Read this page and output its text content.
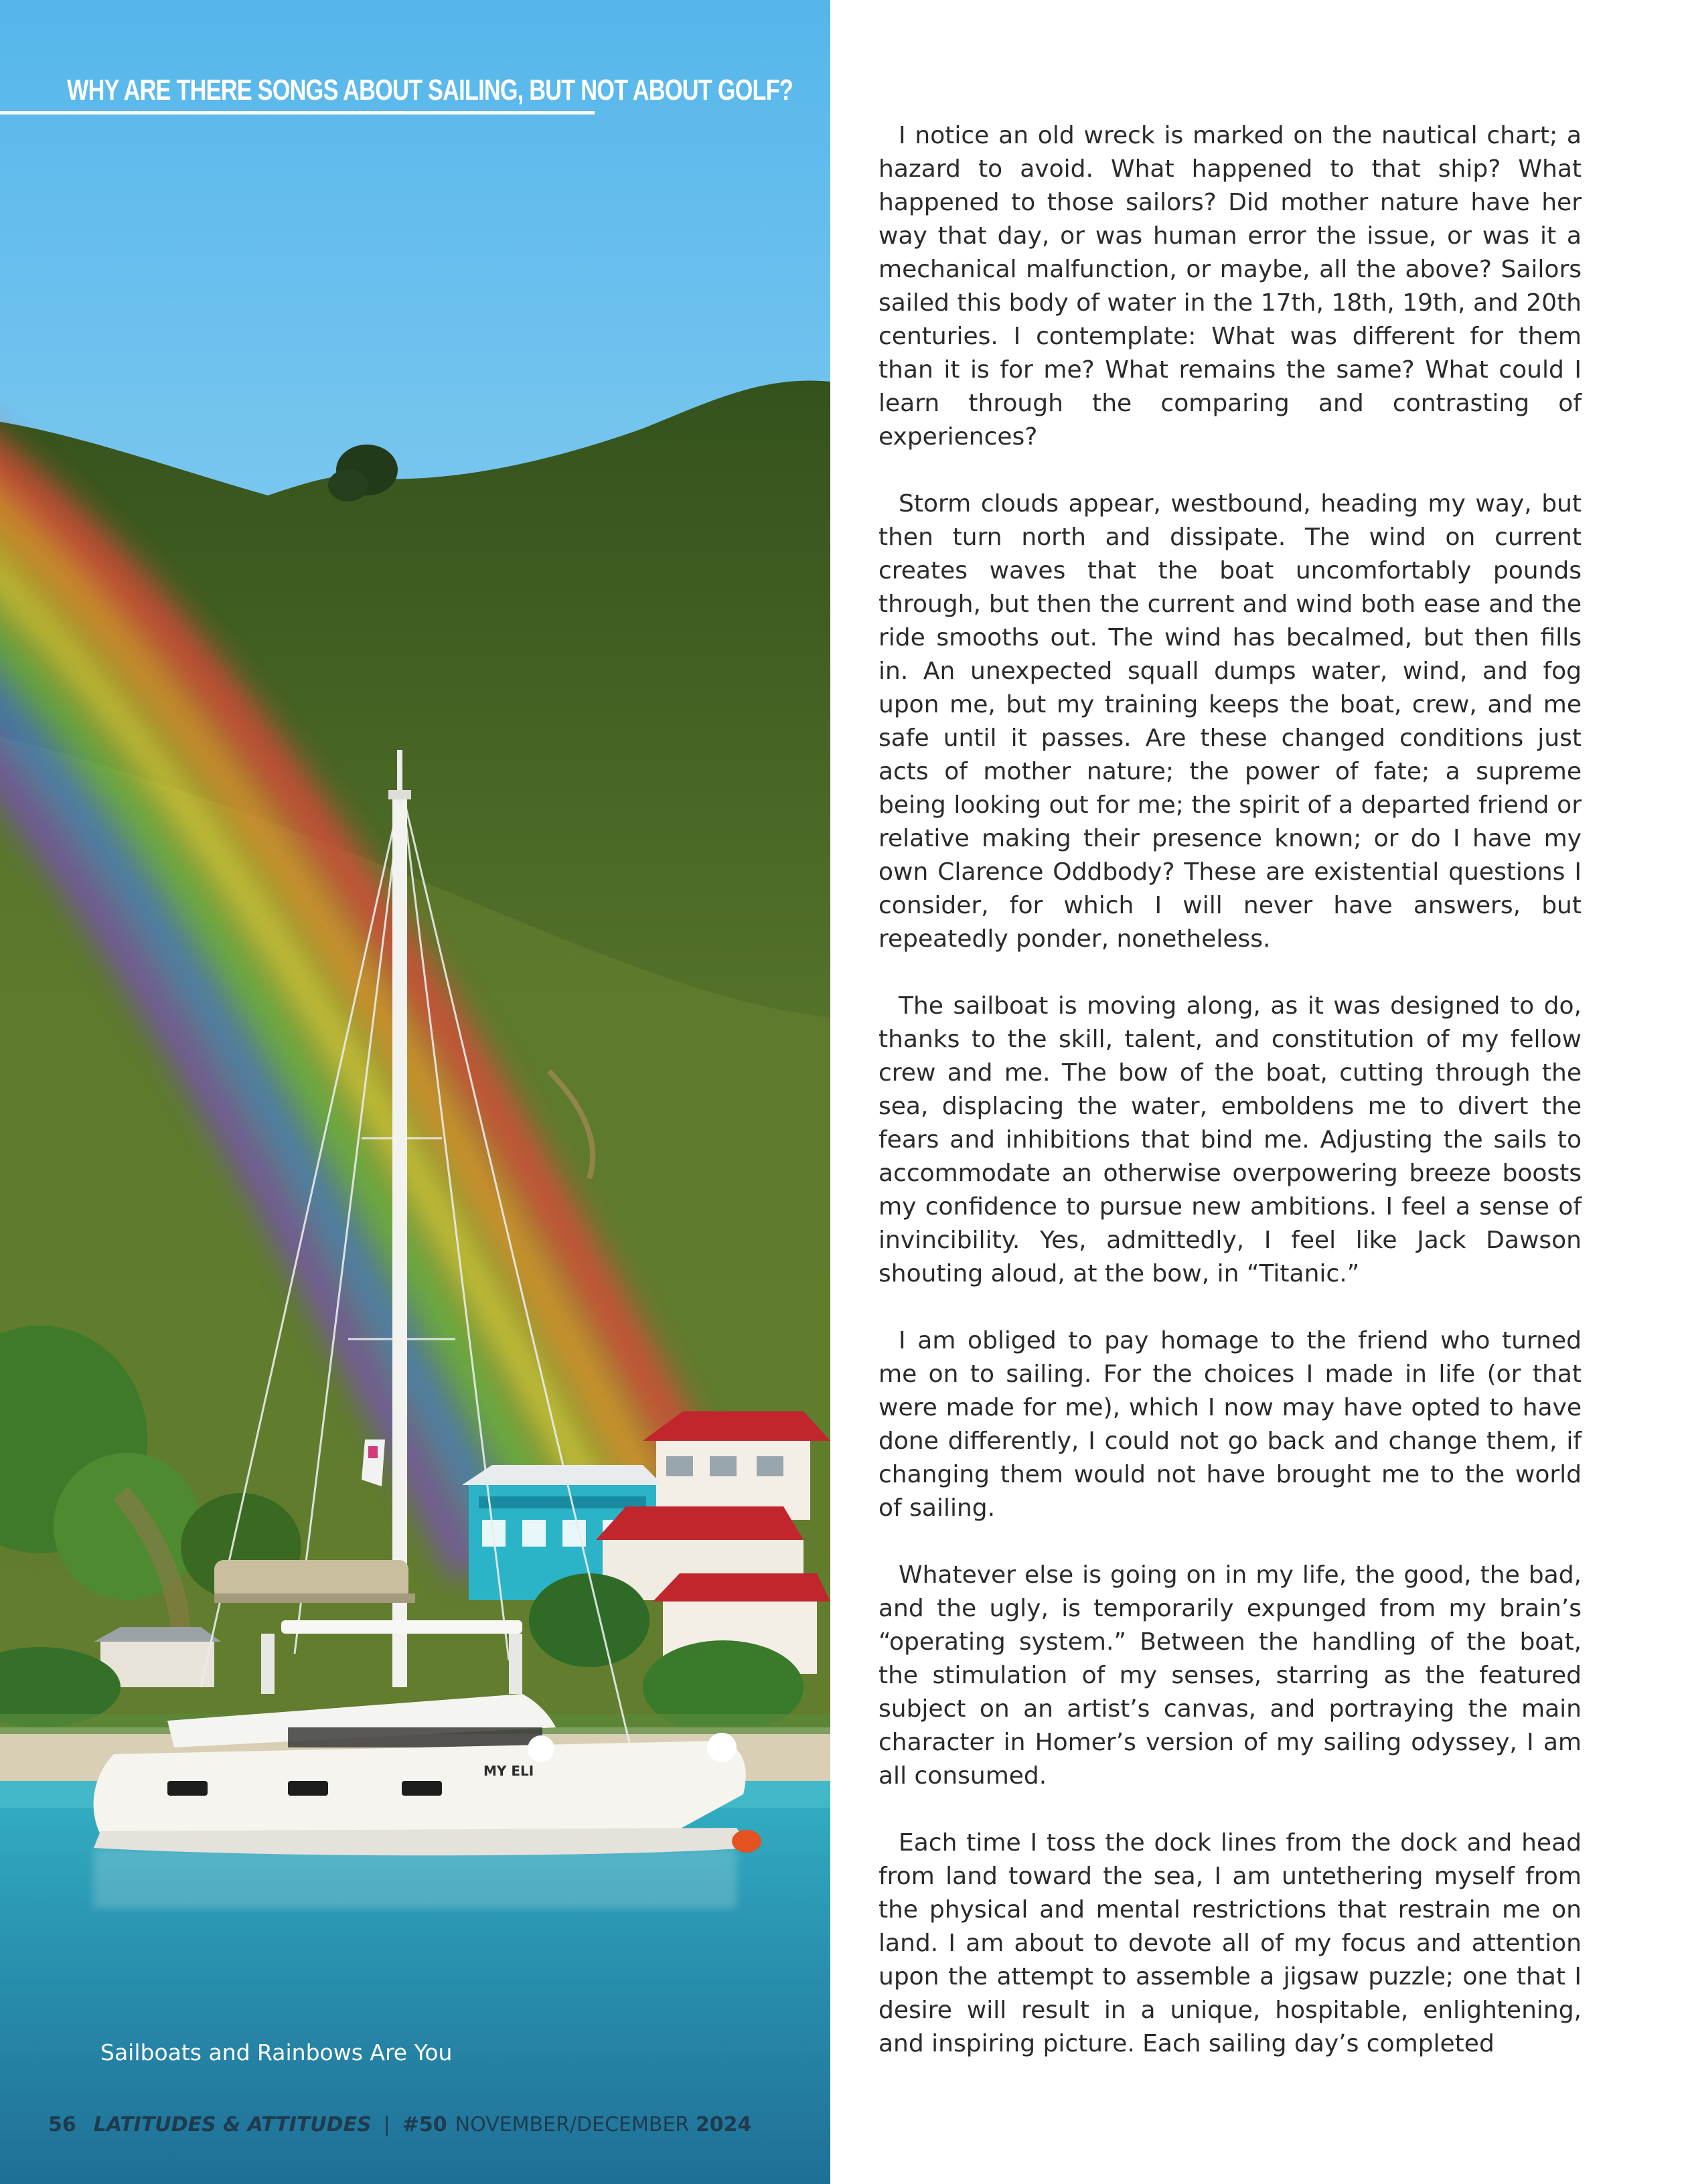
MY ELI
WHY ARE THERE SONGS ABOUT SAILING, BUT NOT ABOUT GOLF?
Sailboats and Rainbows Are You
56 LATITUDES & ATTITUDES | #50 NOVEMBER/DECEMBER 2024

I notice an old wreck is marked on the nautical chart; a hazard to avoid. What happened to that ship? What happened to those sailors? Did mother nature have her way that day, or was human error the issue, or was it a mechanical malfunction, or maybe, all the above? Sailors sailed this body of water in the 17th, 18th, 19th, and 20th centuries. I contemplate: What was different for them than it is for me? What remains the same? What could I learn through the comparing and contrasting of experiences?

Storm clouds appear, westbound, heading my way, but then turn north and dissipate. The wind on current creates waves that the boat uncomfortably pounds through, but then the current and wind both ease and the ride smooths out. The wind has becalmed, but then fills in. An unexpected squall dumps water, wind, and fog upon me, but my training keeps the boat, crew, and me safe until it passes. Are these changed conditions just acts of mother nature; the power of fate; a supreme being looking out for me; the spirit of a departed friend or relative making their presence known; or do I have my own Clarence Oddbody? These are existential questions I consider, for which I will never have answers, but repeatedly ponder, nonetheless.

The sailboat is moving along, as it was designed to do, thanks to the skill, talent, and constitution of my fellow crew and me. The bow of the boat, cutting through the sea, displacing the water, emboldens me to divert the fears and inhibitions that bind me. Adjusting the sails to accommodate an otherwise overpowering breeze boosts my confidence to pursue new ambitions. I feel a sense of invincibility. Yes, admittedly, I feel like Jack Dawson shouting aloud, at the bow, in “Titanic.”

I am obliged to pay homage to the friend who turned me on to sailing. For the choices I made in life (or that were made for me), which I now may have opted to have done differently, I could not go back and change them, if changing them would not have brought me to the world of sailing.

Whatever else is going on in my life, the good, the bad, and the ugly, is temporarily expunged from my brain’s “operating system.” Between the handling of the boat, the stimulation of my senses, starring as the featured subject on an artist’s canvas, and portraying the main character in Homer’s version of my sailing odyssey, I am all consumed.

Each time I toss the dock lines from the dock and head from land toward the sea, I am untethering myself from the physical and mental restrictions that restrain me on land. I am about to devote all of my focus and attention upon the attempt to assemble a jigsaw puzzle; one that I desire will result in a unique, hospitable, enlightening, and inspiring picture. Each sailing day’s completed
